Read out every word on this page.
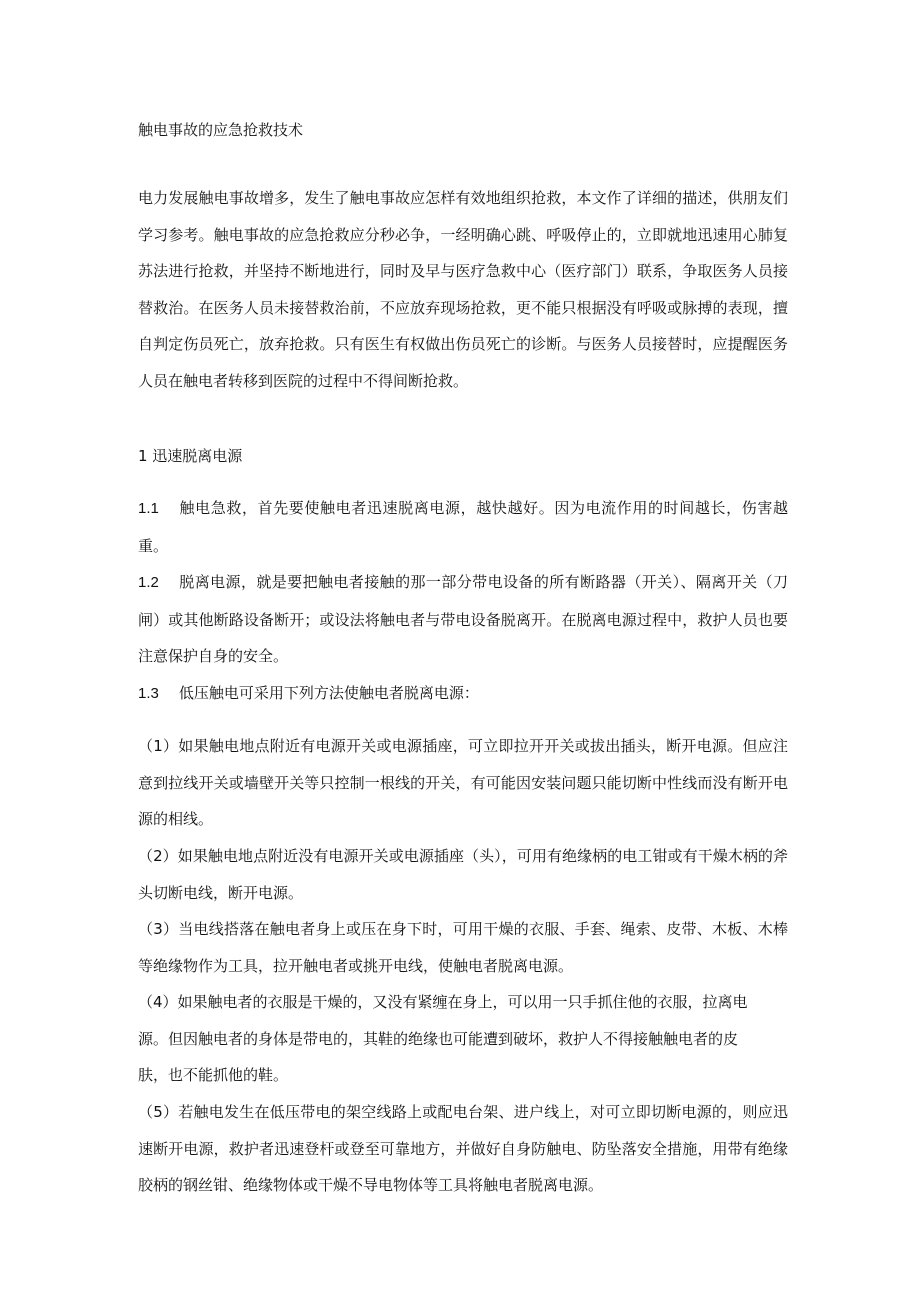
触电事故的应急抢救技术

电力发展触电事故增多，发生了触电事故应怎样有效地组织抢救，本文作了详细的描述，供朋友们学习参考。触电事故的应急抢救应分秒必争，一经明确心跳、呼吸停止的，立即就地迅速用心肺复苏法进行抢救，并坚持不断地进行，同时及早与医疗急救中心（医疗部门）联系，争取医务人员接替救治。在医务人员未接替救治前，不应放弃现场抢救，更不能只根据没有呼吸或脉搏的表现，擅自判定伤员死亡，放弃抢救。只有医生有权做出伤员死亡的诊断。与医务人员接替时，应提醒医务人员在触电者转移到医院的过程中不得间断抢救。

1 迅速脱离电源

1.1 触电急救，首先要使触电者迅速脱离电源，越快越好。因为电流作用的时间越长，伤害越重。

1.2 脱离电源，就是要把触电者接触的那一部分带电设备的所有断路器（开关）、隔离开关（刀闸）或其他断路设备断开；或设法将触电者与带电设备脱离开。在脱离电源过程中，救护人员也要注意保护自身的安全。

1.3 低压触电可采用下列方法使触电者脱离电源：

（1）如果触电地点附近有电源开关或电源插座，可立即拉开开关或拔出插头，断开电源。但应注意到拉线开关或墙壁开关等只控制一根线的开关，有可能因安装问题只能切断中性线而没有断开电源的相线。

（2）如果触电地点附近没有电源开关或电源插座（头），可用有绝缘柄的电工钳或有干燥木柄的斧头切断电线，断开电源。

（3）当电线搭落在触电者身上或压在身下时，可用干燥的衣服、手套、绳索、皮带、木板、木棒等绝缘物作为工具，拉开触电者或挑开电线，使触电者脱离电源。

（4）如果触电者的衣服是干燥的，又没有紧缠在身上，可以用一只手抓住他的衣服，拉离电
源。但因触电者的身体是带电的，其鞋的绝缘也可能遭到破坏，救护人不得接触触电者的皮
肤，也不能抓他的鞋。

（5）若触电发生在低压带电的架空线路上或配电台架、进户线上，对可立即切断电源的，则应迅速断开电源，救护者迅速登杆或登至可靠地方，并做好自身防触电、防坠落安全措施，用带有绝缘胶柄的钢丝钳、绝缘物体或干燥不导电物体等工具将触电者脱离电源。
